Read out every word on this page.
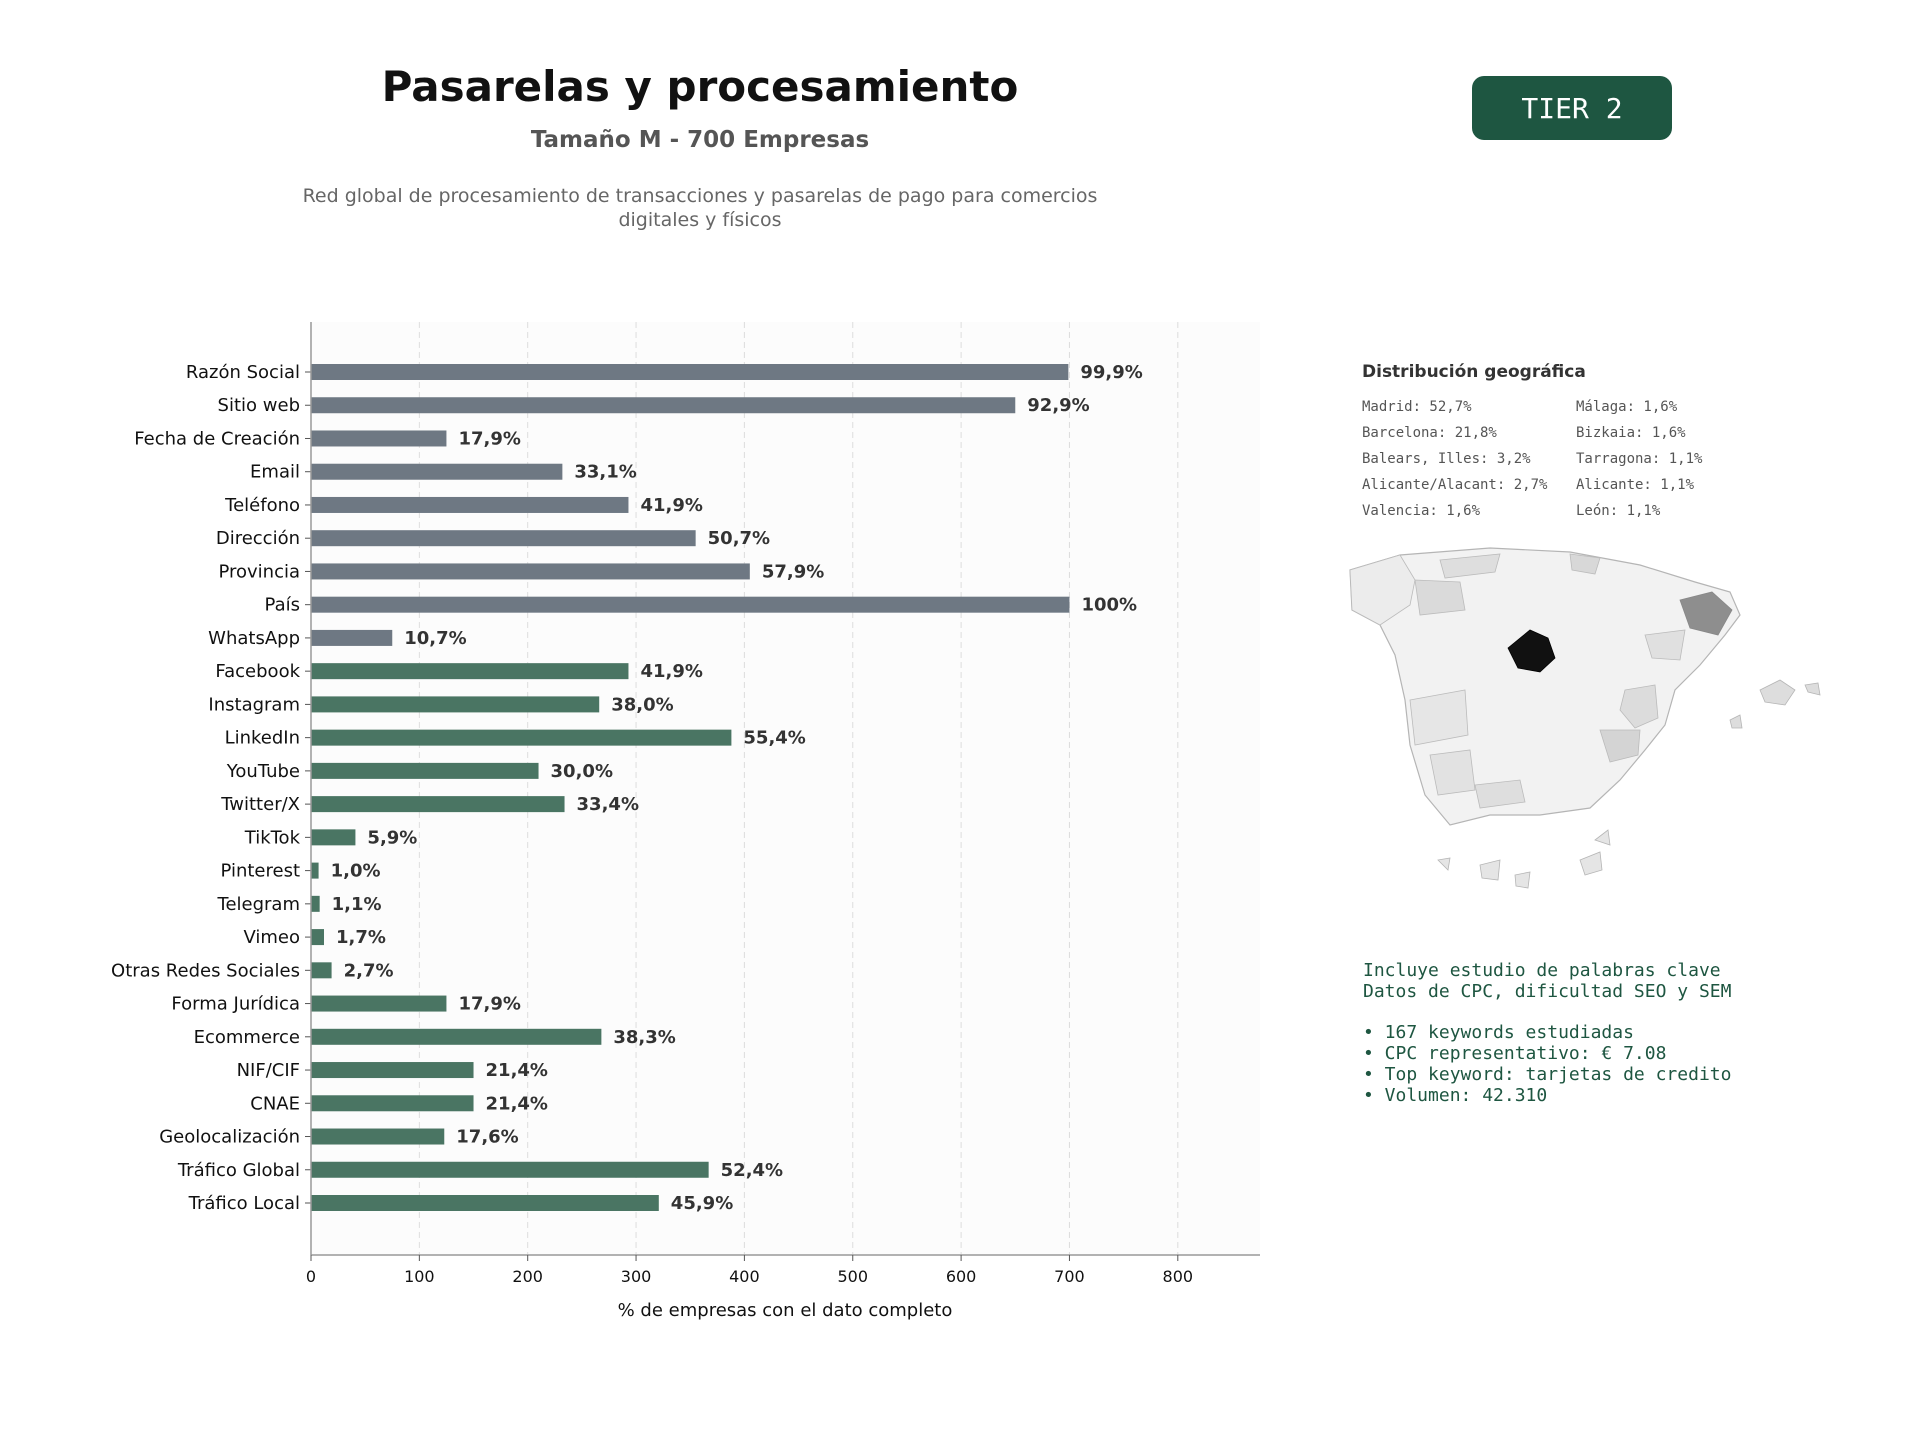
Pasarelas y procesamiento
Tamaño M - 700 Empresas
Red global de procesamiento de transacciones y pasarelas de pago para comercios digitales y físicos
TIER 2
Razón Social	99,9%
Sitio web	92,9%
Fecha de Creación	17,9%
Email	33,1%
Teléfono	41,9%
Dirección	50,7%
Provincia	57,9%
País	100%
WhatsApp	10,7%
Facebook	41,9%
Instagram	38,0%
LinkedIn	55,4%
YouTube	30,0%
Twitter/X	33,4%
TikTok	5,9%
Pinterest 1,0%
Telegram 1,1%
Vimeo 1,7%
Otras Redes Sociales 2,7%
Forma Jurídica	17,9%
Ecommerce	38,3%
NIF/CIF	21,4%
CNAE	21,4%
Geolocalización	17,6%
Tráfico Global	52,4%
Tráfico Local	45,9%
0	100	200	300	400	500	600	700	800
% de empresas con el dato completo
Distribución geográfica
Madrid: 52,7%	Málaga: 1,6%
Barcelona: 21,8%	Bizkaia: 1,6%
Balears, Illes: 3,2%	Tarragona: 1,1%
Alicante/Alacant: 2,7%	Alicante: 1,1%
Valencia: 1,6%	León: 1,1%
Incluye estudio de palabras clave
Datos de CPC, dificultad SEO y SEM
• 167 keywords estudiadas
• CPC representativo: € 7.08
• Top keyword: tarjetas de credito
• Volumen: 42.310
